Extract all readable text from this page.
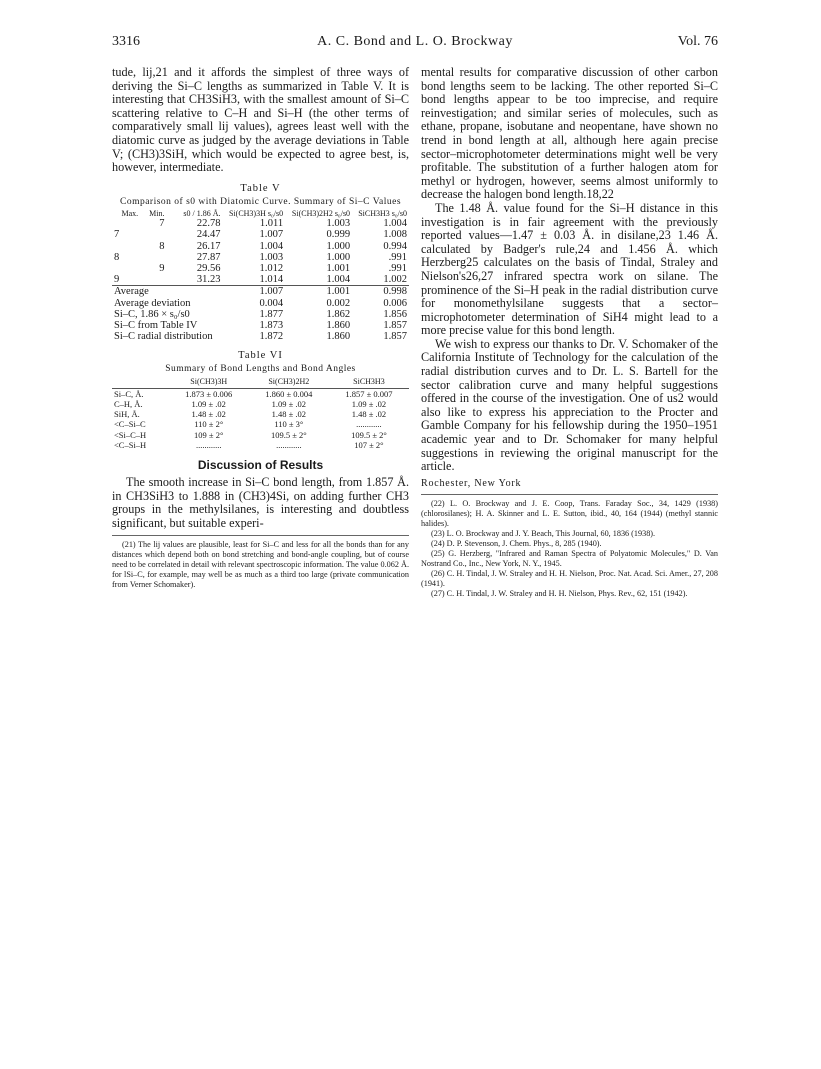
3316	A. C. Bond and L. O. Brockway	Vol. 76

tude, lij,21 and it affords the simplest of three ways of deriving the Si–C lengths as summarized in Table V. It is interesting that CH3SiH3, with the smallest amount of Si–C scattering relative to C–H and Si–H (the other terms of comparatively small lij values), agrees least well with the diatomic curve as judged by the average deviations in Table V; (CH3)3SiH, which would be expected to agree best, is, however, intermediate.

Table V
Comparison of s0 with Diatomic Curve. Summary of Si–C Values
Max.	Min.	s0 / 1.86 Å.	Si(CH3)3H s₀/s0	Si(CH3)2H2 s₀/s0	SiCH3H3 s₀/s0
	7	22.78	1.011	1.003	1.004
7		24.47	1.007	0.999	1.008
	8	26.17	1.004	1.000	0.994
8		27.87	1.003	1.000	.991
	9	29.56	1.012	1.001	.991
9		31.23	1.014	1.004	1.002
Average			1.007	1.001	0.998
Average deviation			0.004	0.002	0.006
Si–C, 1.86 × s₀/s0			1.877	1.862	1.856
Si–C from Table IV			1.873	1.860	1.857
Si–C radial distribution			1.872	1.860	1.857
Table VI
Summary of Bond Lengths and Bond Angles
	Si(CH3)3H	Si(CH3)2H2	SiCH3H3
Si–C, Å.	1.873 ± 0.006	1.860 ± 0.004	1.857 ± 0.007
C–H, Å.	1.09 ± .02	1.09 ± .02	1.09 ± .02
SiH, Å.	1.48 ± .02	1.48 ± .02	1.48 ± .02
<C–Si–C	110 ± 2°	110 ± 3°	............
<Si–C–H	109 ± 2°	109.5 ± 2°	109.5 ± 2°
<C–Si–H	............	............	107 ± 2°
Discussion of Results

The smooth increase in Si–C bond length, from 1.857 Å. in CH3SiH3 to 1.888 in (CH3)4Si, on adding further CH3 groups in the methylsilanes, is interesting and doubtless significant, but suitable experi-

(21) The lij values are plausible, least for Si–C and less for all the bonds than for any distances which depend both on bond stretching and bond-angle coupling, but of course need to be correlated in detail with relevant spectroscopic information. The value 0.062 Å. for lSi–C, for example, may well be as much as a third too large (private communication from Verner Schomaker).

mental results for comparative discussion of other carbon bond lengths seem to be lacking. The other reported Si–C bond lengths appear to be too imprecise, and require reinvestigation; and similar series of molecules, such as ethane, propane, isobutane and neopentane, have shown no trend in bond length at all, although here again precise sector–microphotometer determinations might well be very profitable. The substitution of a further halogen atom for methyl or hydrogen, however, seems almost uniformly to decrease the halogen bond length.18,22

The 1.48 Å. value found for the Si–H distance in this investigation is in fair agreement with the previously reported values—1.47 ± 0.03 Å. in disilane,23 1.46 Å. calculated by Badger's rule,24 and 1.456 Å. which Herzberg25 calculates on the basis of Tindal, Straley and Nielson's26,27 infrared spectra work on silane. The prominence of the Si–H peak in the radial distribution curve for monomethylsilane suggests that a sector–microphotometer determination of SiH4 might lead to a more precise value for this bond length.

We wish to express our thanks to Dr. V. Schomaker of the California Institute of Technology for the calculation of the radial distribution curves and to Dr. L. S. Bartell for the sector calibration curve and many helpful suggestions offered in the course of the investigation. One of us2 would also like to express his appreciation to the Procter and Gamble Company for his fellowship during the 1950–1951 academic year and to Dr. Schomaker for many helpful suggestions in reviewing the original manuscript for the article.

Rochester, New York

(22) L. O. Brockway and J. E. Coop, Trans. Faraday Soc., 34, 1429 (1938) (chlorosilanes); H. A. Skinner and L. E. Sutton, ibid., 40, 164 (1944) (methyl stannic halides).

(23) L. O. Brockway and J. Y. Beach, This Journal, 60, 1836 (1938).

(24) D. P. Stevenson, J. Chem. Phys., 8, 285 (1940).

(25) G. Herzberg, "Infrared and Raman Spectra of Polyatomic Molecules," D. Van Nostrand Co., Inc., New York, N. Y., 1945.

(26) C. H. Tindal, J. W. Straley and H. H. Nielson, Proc. Nat. Acad. Sci. Amer., 27, 208 (1941).

(27) C. H. Tindal, J. W. Straley and H. H. Nielson, Phys. Rev., 62, 151 (1942).
